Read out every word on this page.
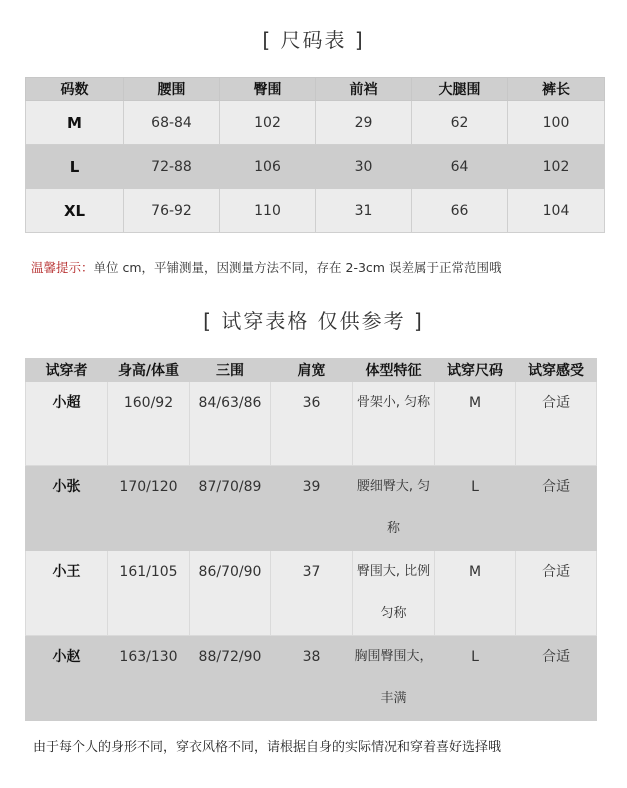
[ 尺码表 ]
码数	腰围	臀围	前裆	大腿围	裤长
M	68-84	102	29	62	100
L	72-88	106	30	64	102
XL	76-92	110	31	66	104
温馨提示：单位 cm，平铺测量，因测量方法不同，存在 2-3cm 误差属于正常范围哦
[ 试穿表格 仅供参考 ]
试穿者	身高/体重	三围	肩宽	体型特征	试穿尺码	试穿感受
小超	160/92	84/63/86	36	骨架小, 匀称	M	合适
小张	170/120	87/70/89	39	腰细臀大, 匀称	L	合适
小王	161/105	86/70/90	37	臀围大, 比例匀称	M	合适
小赵	163/130	88/72/90	38	胸围臀围大，丰满	L	合适
由于每个人的身形不同，穿衣风格不同，请根据自身的实际情况和穿着喜好选择哦
